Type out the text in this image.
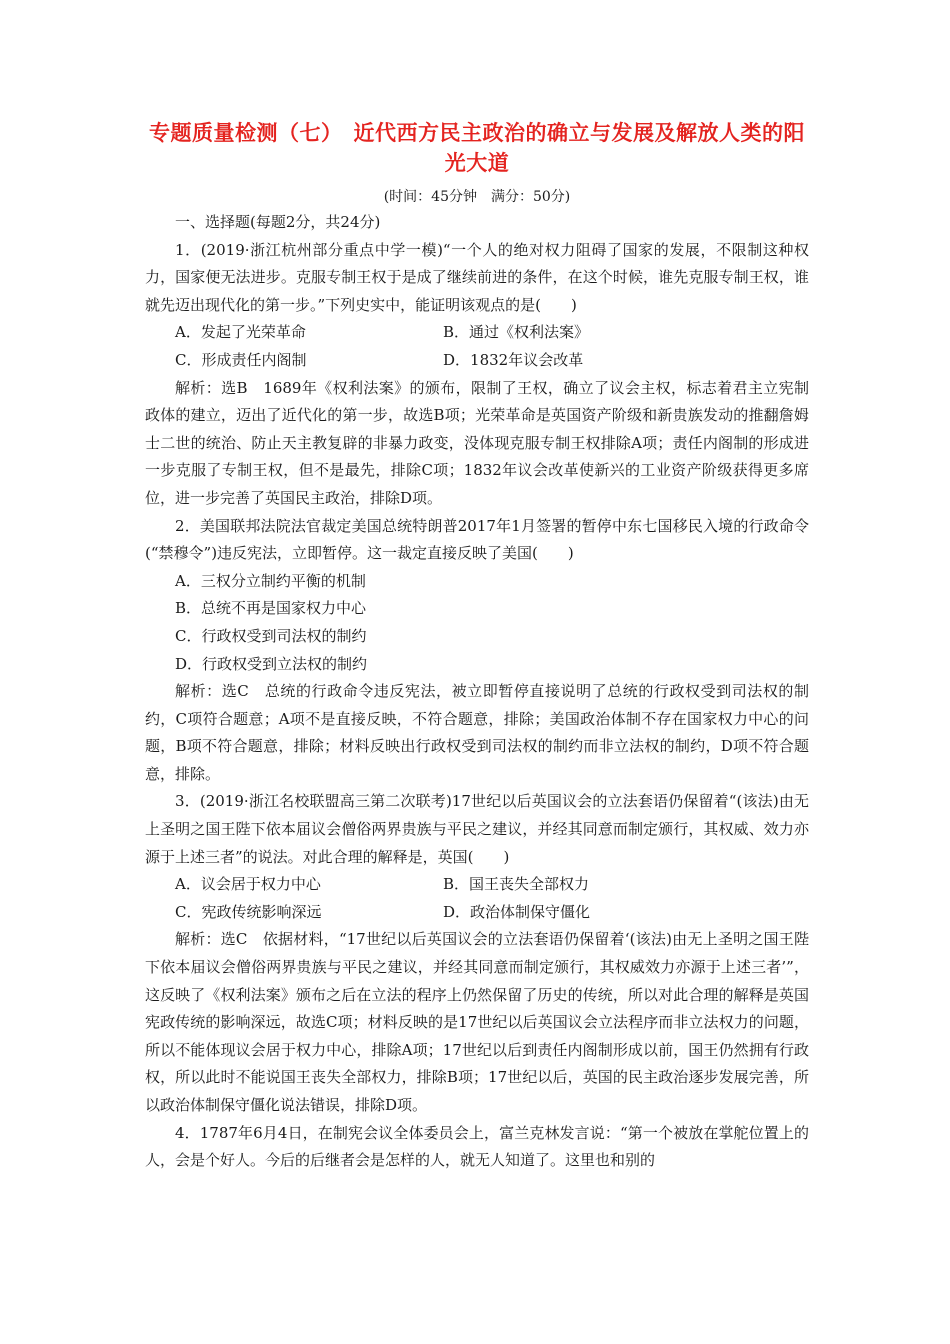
专题质量检测（七）　近代西方民主政治的确立与发展及解放人类的阳光大道
(时间：45分钟　满分：50分)

一、选择题(每题2分，共24分)

1．(2019·浙江杭州部分重点中学一模)“一个人的绝对权力阻碍了国家的发展，不限制这种权力，国家便无法进步。克服专制王权于是成了继续前进的条件，在这个时候，谁先克服专制王权，谁就先迈出现代化的第一步。”下列史实中，能证明该观点的是(　　)

A．发起了光荣革命	B．通过《权利法案》
C．形成责任内阁制	D．1832年议会改革

解析：选B　1689年《权利法案》的颁布，限制了王权，确立了议会主权，标志着君主立宪制政体的建立，迈出了近代化的第一步，故选B项；光荣革命是英国资产阶级和新贵族发动的推翻詹姆士二世的统治、防止天主教复辟的非暴力政变，没体现克服专制王权排除A项；责任内阁制的形成进一步克服了专制王权，但不是最先，排除C项；1832年议会改革使新兴的工业资产阶级获得更多席位，进一步完善了英国民主政治，排除D项。

2．美国联邦法院法官裁定美国总统特朗普2017年1月签署的暂停中东七国移民入境的行政命令(“禁穆令”)违反宪法，立即暂停。这一裁定直接反映了美国(　　)

A．三权分立制约平衡的机制

B．总统不再是国家权力中心

C．行政权受到司法权的制约

D．行政权受到立法权的制约

解析：选C　总统的行政命令违反宪法，被立即暂停直接说明了总统的行政权受到司法权的制约，C项符合题意；A项不是直接反映，不符合题意，排除；美国政治体制不存在国家权力中心的问题，B项不符合题意，排除；材料反映出行政权受到司法权的制约而非立法权的制约，D项不符合题意，排除。

3．(2019·浙江名校联盟高三第二次联考)17世纪以后英国议会的立法套语仍保留着“(该法)由无上圣明之国王陛下依本届议会僧俗两界贵族与平民之建议，并经其同意而制定颁行，其权威、效力亦源于上述三者”的说法。对此合理的解释是，英国(　　)

A．议会居于权力中心	B．国王丧失全部权力
C．宪政传统影响深远	D．政治体制保守僵化

解析：选C　依据材料，“17世纪以后英国议会的立法套语仍保留着‘(该法)由无上圣明之国王陛下依本届议会僧俗两界贵族与平民之建议，并经其同意而制定颁行，其权威效力亦源于上述三者’”，这反映了《权利法案》颁布之后在立法的程序上仍然保留了历史的传统，所以对此合理的解释是英国宪政传统的影响深远，故选C项；材料反映的是17世纪以后英国议会立法程序而非立法权力的问题，所以不能体现议会居于权力中心，排除A项；17世纪以后到责任内阁制形成以前，国王仍然拥有行政权，所以此时不能说国王丧失全部权力，排除B项；17世纪以后，英国的民主政治逐步发展完善，所以政治体制保守僵化说法错误，排除D项。

4．1787年6月4日，在制宪会议全体委员会上，富兰克林发言说：“第一个被放在掌舵位置上的人，会是个好人。今后的后继者会是怎样的人，就无人知道了。这里也和别的
